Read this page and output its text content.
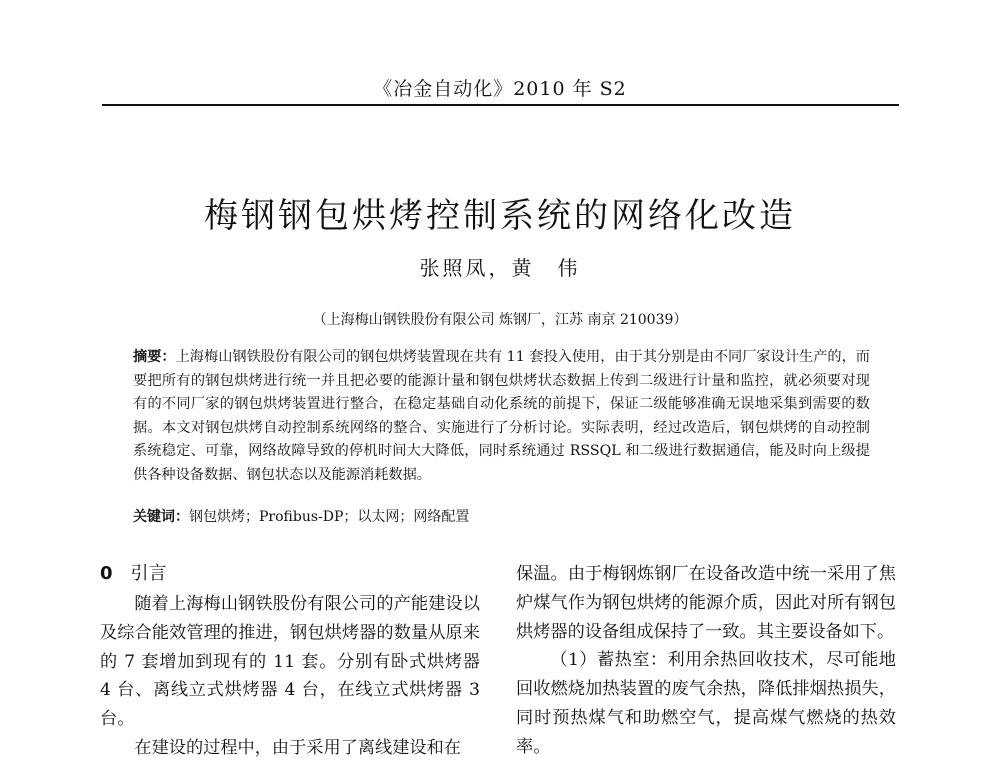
《冶金自动化》2010 年 S2
梅钢钢包烘烤控制系统的网络化改造
张照凤，黄　伟
（上海梅山钢铁股份有限公司 炼钢厂，江苏 南京 210039）
摘要：上海梅山钢铁股份有限公司的钢包烘烤装置现在共有 11 套投入使用，由于其分别是由不同厂家设计生产的，而要把所有的钢包烘烤进行统一并且把必要的能源计量和钢包烘烤状态数据上传到二级进行计量和监控，就必须要对现有的不同厂家的钢包烘烤装置进行整合，在稳定基础自动化系统的前提下，保证二级能够准确无误地采集到需要的数据。本文对钢包烘烤自动控制系统网络的整合、实施进行了分析讨论。实际表明，经过改造后，钢包烘烤的自动控制系统稳定、可靠，网络故障导致的停机时间大大降低，同时系统通过 RSSQL 和二级进行数据通信，能及时向上级提供各种设备数据、钢包状态以及能源消耗数据。
关键词：钢包烘烤；Profibus-DP；以太网；网络配置
0 引言

随着上海梅山钢铁股份有限公司的产能建设以及综合能效管理的推进，钢包烘烤器的数量从原来的 7 套增加到现有的 11 套。分别有卧式烘烤器 4 台、离线立式烘烤器 4 台，在线立式烘烤器 3 台。

在建设的过程中，由于采用了离线建设和在

保温。由于梅钢炼钢厂在设备改造中统一采用了焦炉煤气作为钢包烘烤的能源介质，因此对所有钢包烘烤器的设备组成保持了一致。其主要设备如下。

（1）蓄热室：利用余热回收技术，尽可能地回收燃烧加热装置的废气余热，降低排烟热损失，同时预热煤气和助燃空气，提高煤气燃烧的热效率。
